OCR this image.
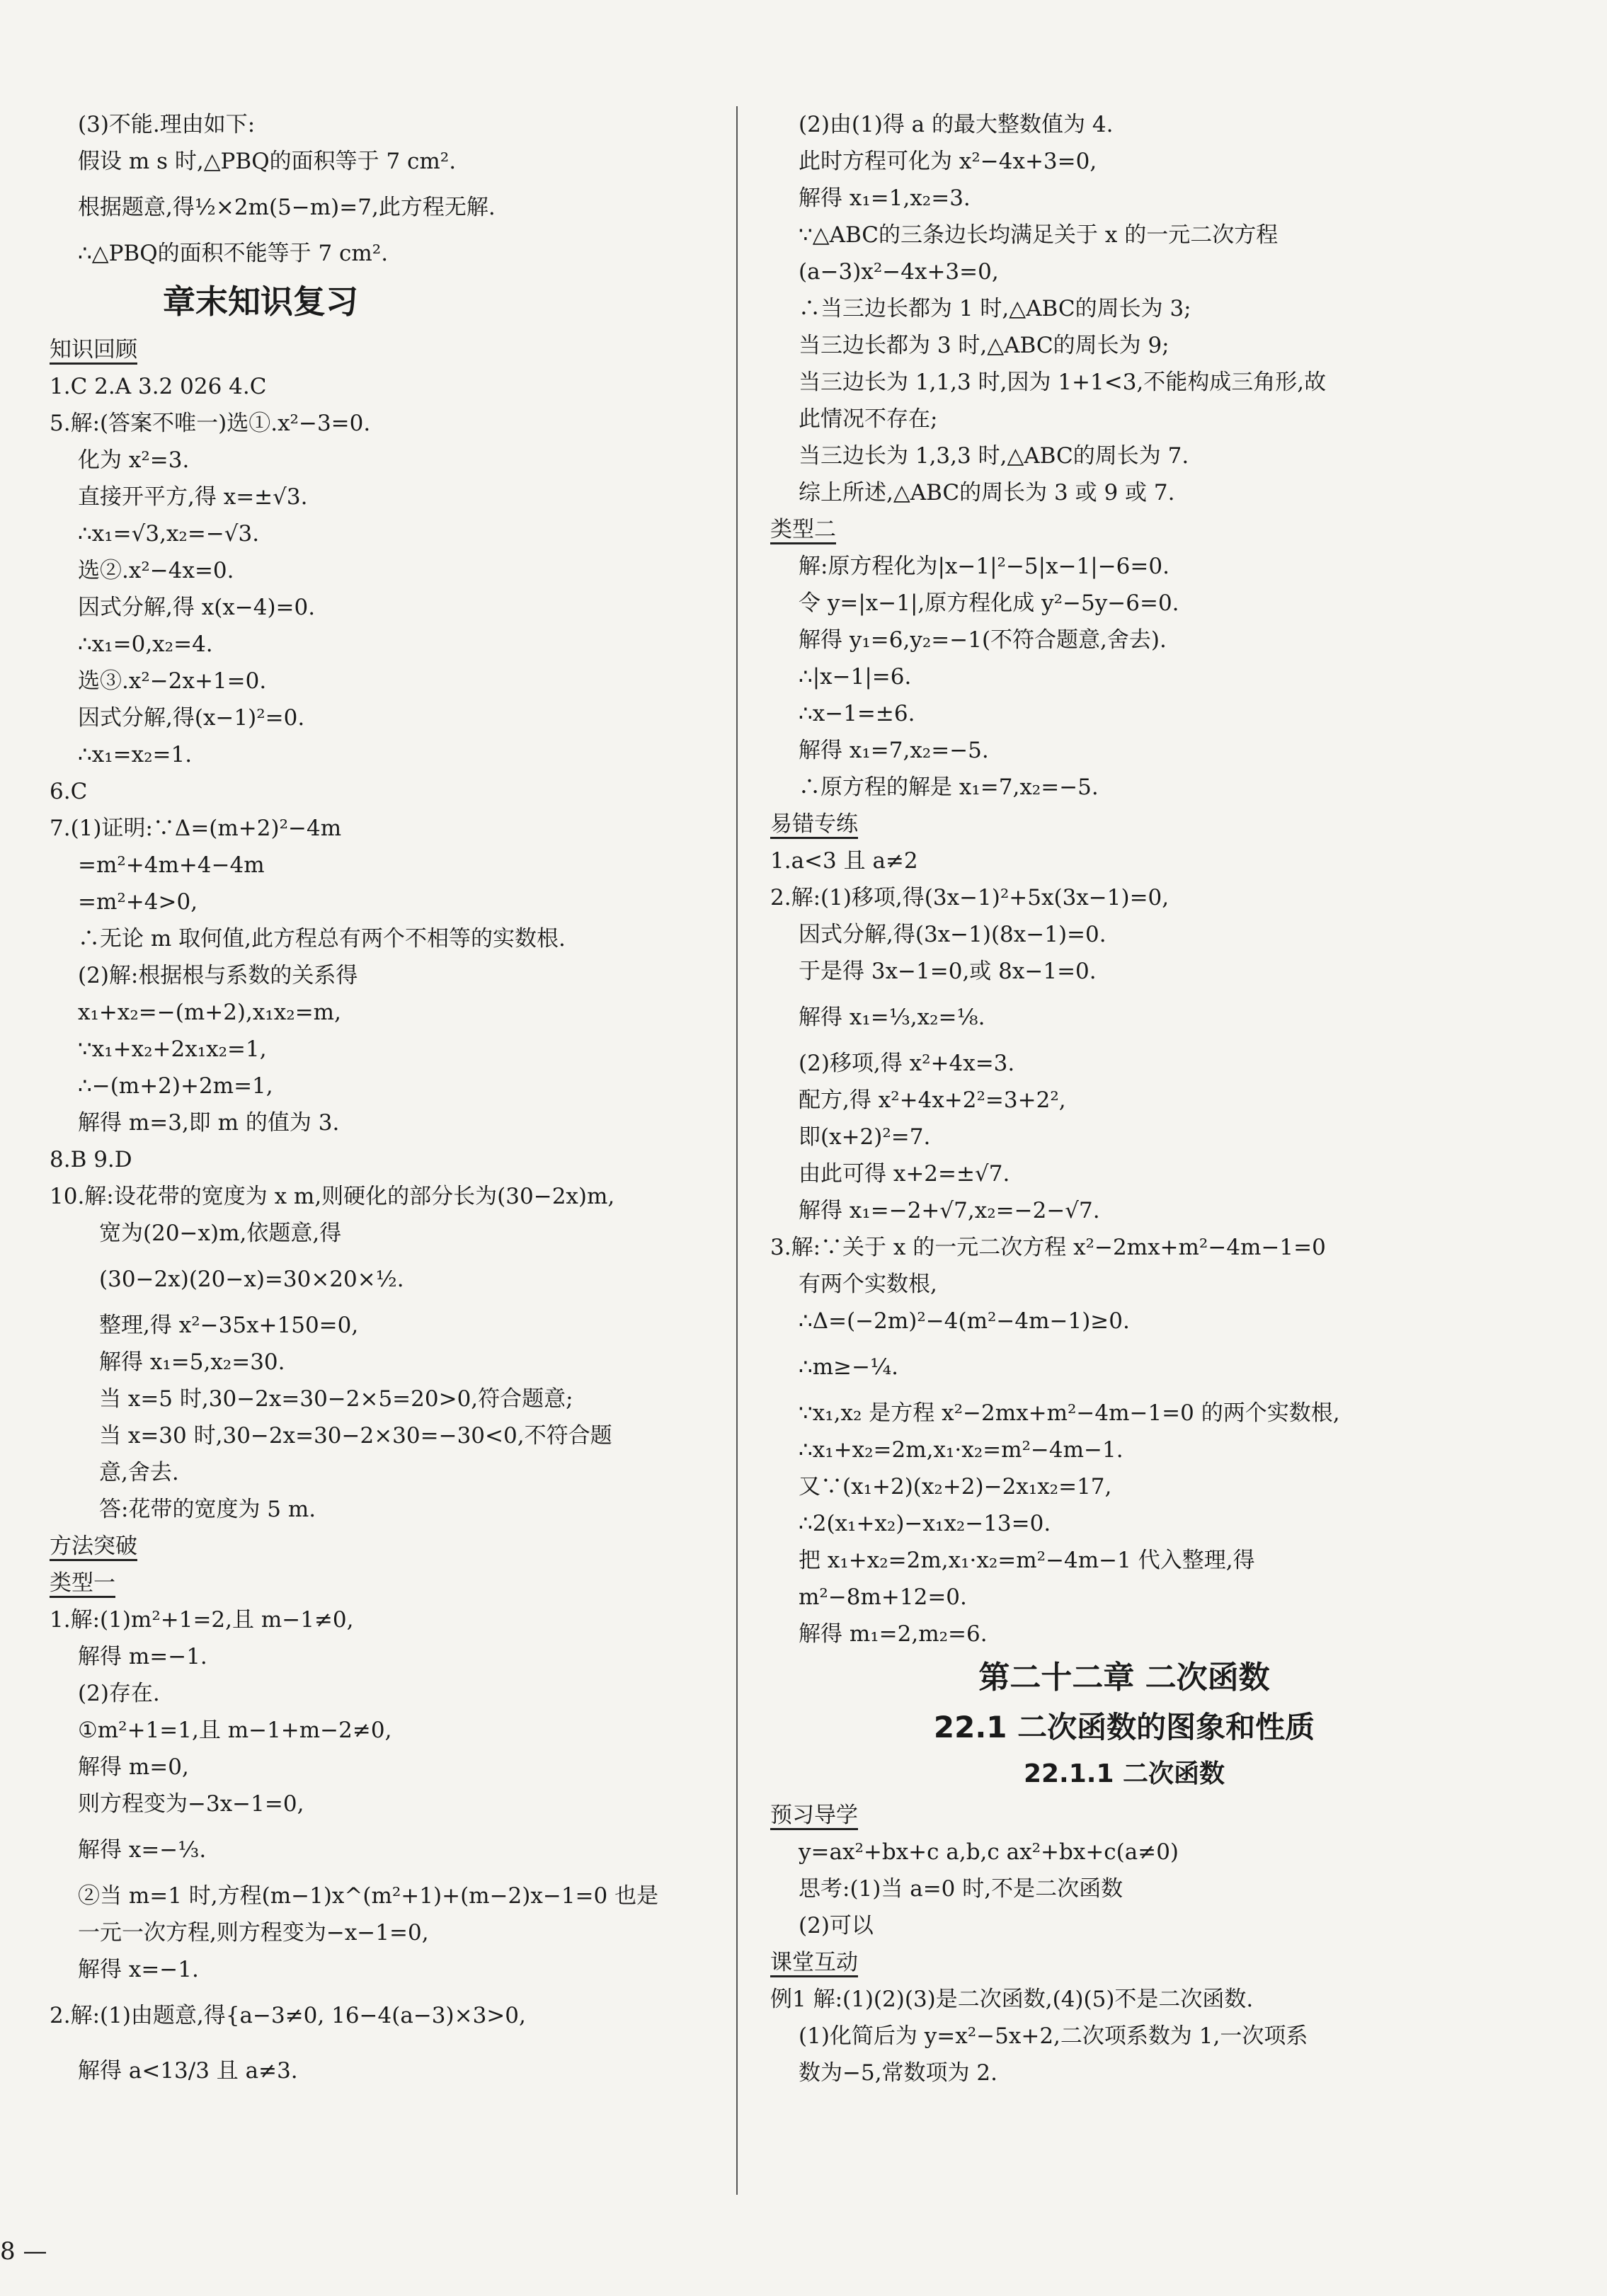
(3)不能.理由如下:
假设 m s 时,△PBQ的面积等于 7 cm².
根据题意,得½×2m(5−m)=7,此方程无解.
∴△PBQ的面积不能等于 7 cm².
章末知识复习
知识回顾
1.C 2.A 3.2 026 4.C
5.解:(答案不唯一)选①.x²−3=0.
化为 x²=3.
直接开平方,得 x=±√3.
∴x₁=√3,x₂=−√3.
选②.x²−4x=0.
因式分解,得 x(x−4)=0.
∴x₁=0,x₂=4.
选③.x²−2x+1=0.
因式分解,得(x−1)²=0.
∴x₁=x₂=1.
6.C
7.(1)证明:∵Δ=(m+2)²−4m
=m²+4m+4−4m
=m²+4>0,
∴无论 m 取何值,此方程总有两个不相等的实数根.
(2)解:根据根与系数的关系得
x₁+x₂=−(m+2),x₁x₂=m,
∵x₁+x₂+2x₁x₂=1,
∴−(m+2)+2m=1,
解得 m=3,即 m 的值为 3.
8.B 9.D
10.解:设花带的宽度为 x m,则硬化的部分长为(30−2x)m,
宽为(20−x)m,依题意,得
(30−2x)(20−x)=30×20×½.
整理,得 x²−35x+150=0,
解得 x₁=5,x₂=30.
当 x=5 时,30−2x=30−2×5=20>0,符合题意;
当 x=30 时,30−2x=30−2×30=−30<0,不符合题
意,舍去.
答:花带的宽度为 5 m.
方法突破
类型一
1.解:(1)m²+1=2,且 m−1≠0,
解得 m=−1.
(2)存在.
①m²+1=1,且 m−1+m−2≠0,
解得 m=0,
则方程变为−3x−1=0,
解得 x=−⅓.
②当 m=1 时,方程(m−1)x^(m²+1)+(m−2)x−1=0 也是
一元一次方程,则方程变为−x−1=0,
解得 x=−1.
2.解:(1)由题意,得{a−3≠0, 16−4(a−3)×3>0,
解得 a<13/3 且 a≠3.
(2)由(1)得 a 的最大整数值为 4.
此时方程可化为 x²−4x+3=0,
解得 x₁=1,x₂=3.
∵△ABC的三条边长均满足关于 x 的一元二次方程
(a−3)x²−4x+3=0,
∴当三边长都为 1 时,△ABC的周长为 3;
当三边长都为 3 时,△ABC的周长为 9;
当三边长为 1,1,3 时,因为 1+1<3,不能构成三角形,故
此情况不存在;
当三边长为 1,3,3 时,△ABC的周长为 7.
综上所述,△ABC的周长为 3 或 9 或 7.
类型二
解:原方程化为|x−1|²−5|x−1|−6=0.
令 y=|x−1|,原方程化成 y²−5y−6=0.
解得 y₁=6,y₂=−1(不符合题意,舍去).
∴|x−1|=6.
∴x−1=±6.
解得 x₁=7,x₂=−5.
∴原方程的解是 x₁=7,x₂=−5.
易错专练
1.a<3 且 a≠2
2.解:(1)移项,得(3x−1)²+5x(3x−1)=0,
因式分解,得(3x−1)(8x−1)=0.
于是得 3x−1=0,或 8x−1=0.
解得 x₁=⅓,x₂=⅛.
(2)移项,得 x²+4x=3.
配方,得 x²+4x+2²=3+2²,
即(x+2)²=7.
由此可得 x+2=±√7.
解得 x₁=−2+√7,x₂=−2−√7.
3.解:∵关于 x 的一元二次方程 x²−2mx+m²−4m−1=0
有两个实数根,
∴Δ=(−2m)²−4(m²−4m−1)≥0.
∴m≥−¼.
∵x₁,x₂ 是方程 x²−2mx+m²−4m−1=0 的两个实数根,
∴x₁+x₂=2m,x₁·x₂=m²−4m−1.
又∵(x₁+2)(x₂+2)−2x₁x₂=17,
∴2(x₁+x₂)−x₁x₂−13=0.
把 x₁+x₂=2m,x₁·x₂=m²−4m−1 代入整理,得
m²−8m+12=0.
解得 m₁=2,m₂=6.
第二十二章 二次函数
22.1 二次函数的图象和性质
22.1.1 二次函数
预习导学
y=ax²+bx+c a,b,c ax²+bx+c(a≠0)
思考:(1)当 a=0 时,不是二次函数
(2)可以
课堂互动
例1 解:(1)(2)(3)是二次函数,(4)(5)不是二次函数.
(1)化简后为 y=x²−5x+2,二次项系数为 1,一次项系
数为−5,常数项为 2.
8 —
